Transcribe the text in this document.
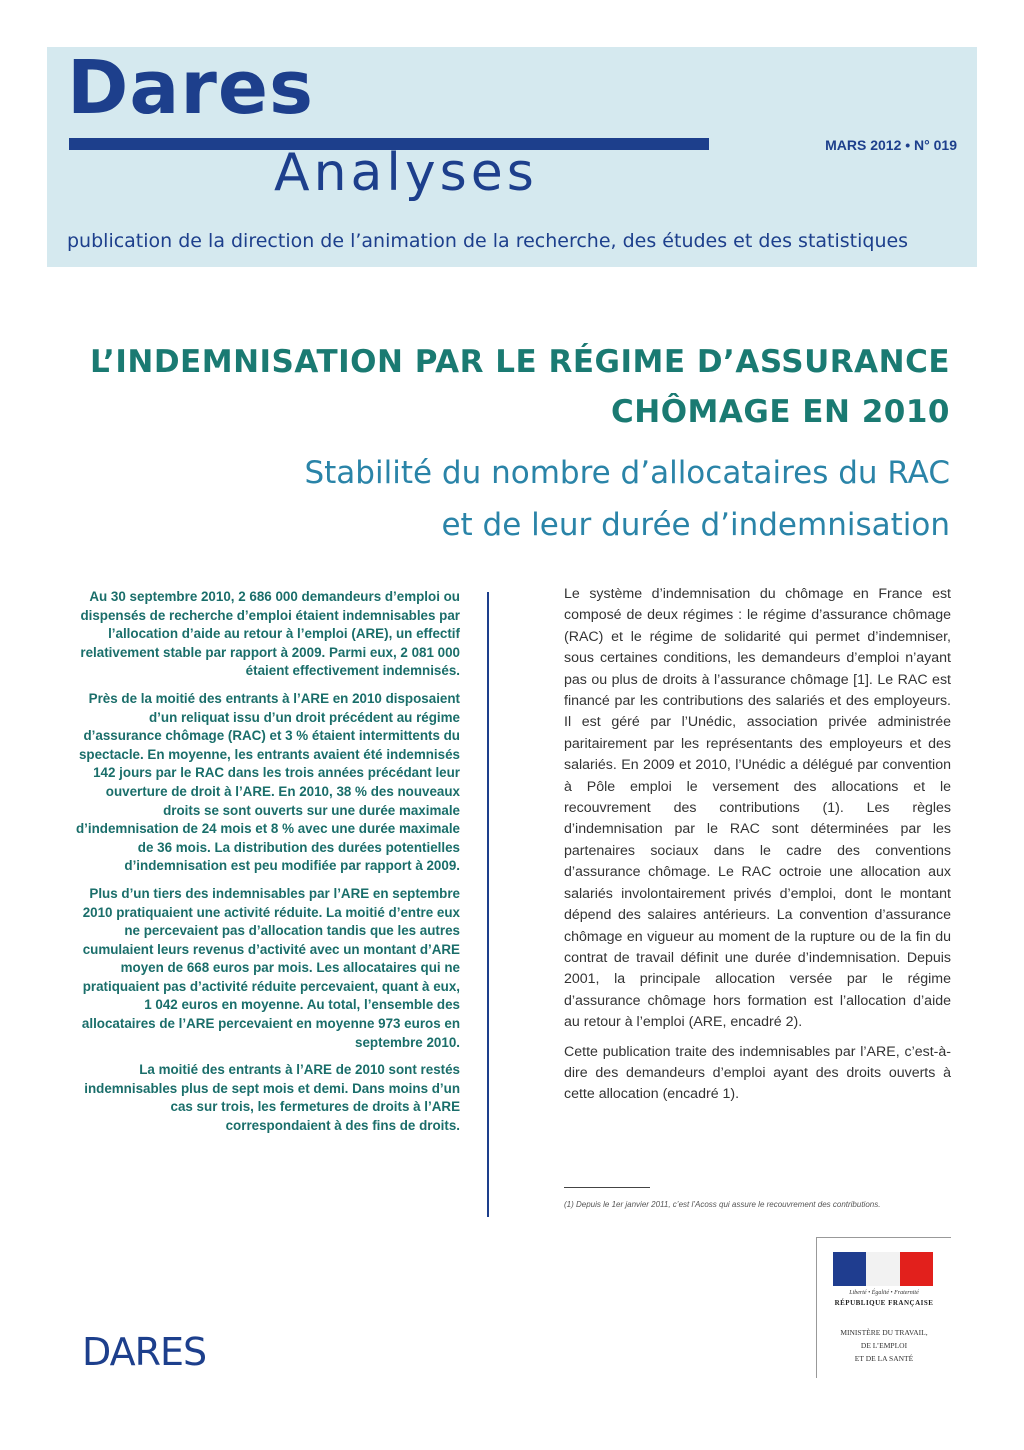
Dares
Analyses	MARS 2012 • N° 019
publication de la direction de l’animation de la recherche, des études et des statistiques
L’INDEMNISATION PAR LE RÉGIME D’ASSURANCE
CHÔMAGE EN 2010
Stabilité du nombre d’allocataires du RAC
et de leur durée d’indemnisation

Au 30 septembre 2010, 2 686 000 demandeurs d’emploi ou dispensés de recherche d’emploi étaient indemnisables par l’allocation d’aide au retour à l’emploi (ARE), un effectif relativement stable par rapport à 2009. Parmi eux, 2 081 000 étaient effectivement indemnisés.

Près de la moitié des entrants à l’ARE en 2010 disposaient d’un reliquat issu d’un droit précédent au régime d’assurance chômage (RAC) et 3 % étaient intermittents du spectacle. En moyenne, les entrants avaient été indemnisés 142 jours par le RAC dans les trois années précédant leur ouverture de droit à l’ARE. En 2010, 38 % des nouveaux droits se sont ouverts sur une durée maximale d’indemnisation de 24 mois et 8 % avec une durée maximale de 36 mois. La distribution des durées potentielles d’indemnisation est peu modifiée par rapport à 2009.

Plus d’un tiers des indemnisables par l’ARE en septembre 2010 pratiquaient une activité réduite. La moitié d’entre eux ne percevaient pas d’allocation tandis que les autres cumulaient leurs revenus d’activité avec un montant d’ARE moyen de 668 euros par mois. Les allocataires qui ne pratiquaient pas d’activité réduite percevaient, quant à eux, 1 042 euros en moyenne. Au total, l’ensemble des allocataires de l’ARE percevaient en moyenne 973 euros en septembre 2010.

La moitié des entrants à l’ARE de 2010 sont restés indemnisables plus de sept mois et demi. Dans moins d’un cas sur trois, les fermetures de droits à l’ARE correspondaient à des fins de droits.

Le système d’indemnisation du chômage en France est composé de deux régimes : le régime d’assurance chômage (RAC) et le régime de solidarité qui permet d’indemniser, sous certaines conditions, les demandeurs d’emploi n’ayant pas ou plus de droits à l’assurance chômage [1]. Le RAC est financé par les contributions des salariés et des employeurs. Il est géré par l’Unédic, association privée administrée paritairement par les représentants des employeurs et des salariés. En 2009 et 2010, l’Unédic a délégué par convention à Pôle emploi le versement des allocations et le recouvrement des contributions (1). Les règles d’indemnisation par le RAC sont déterminées par les partenaires sociaux dans le cadre des conventions d’assurance chômage. Le RAC octroie une allocation aux salariés involontairement privés d’emploi, dont le montant dépend des salaires antérieurs. La convention d’assurance chômage en vigueur au moment de la rupture ou de la fin du contrat de travail définit une durée d’indemnisation. Depuis 2001, la principale allocation versée par le régime d’assurance chômage hors formation est l’allocation d’aide au retour à l’emploi (ARE, encadré 2).

Cette publication traite des indemnisables par l’ARE, c’est-à-dire des demandeurs d’emploi ayant des droits ouverts à cette allocation (encadré 1).

(1) Depuis le 1er janvier 2011, c’est l’Acoss qui assure le recouvrement des contributions.
Liberté • Égalité • Fraternité
RÉPUBLIQUE FRANÇAISE
MINISTÈRE DU TRAVAIL,
DE L’EMPLOI
ET DE LA SANTÉ
DARES
